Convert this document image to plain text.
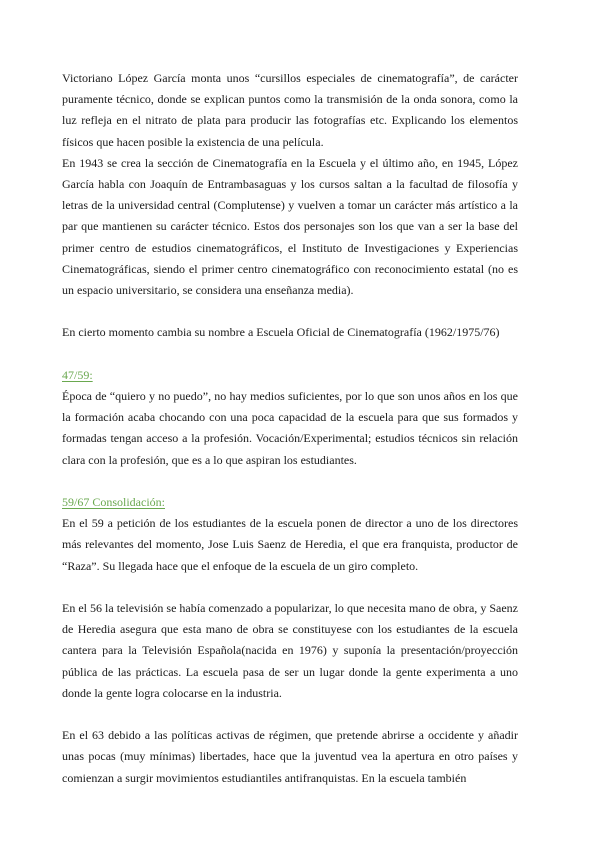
Victoriano López García monta unos “cursillos especiales de cinematografía”, de carácter puramente técnico, donde se explican puntos como la transmisión de la onda sonora, como la luz refleja en el nitrato de plata para producir las fotografías etc. Explicando los elementos físicos que hacen posible la existencia de una película.

En 1943 se crea la sección de Cinematografía en la Escuela y el último año, en 1945, López García habla con Joaquín de Entrambasaguas y los cursos saltan a la facultad de filosofía y letras de la universidad central (Complutense) y vuelven a tomar un carácter más artístico a la par que mantienen su carácter técnico. Estos dos personajes son los que van a ser la base del primer centro de estudios cinematográficos, el Instituto de Investigaciones y Experiencias Cinematográficas, siendo el primer centro cinematográfico con reconocimiento estatal (no es un espacio universitario, se considera una enseñanza media).

En cierto momento cambia su nombre a Escuela Oficial de Cinematografía (1962/1975/76)

47/59:

Época de “quiero y no puedo”, no hay medios suficientes, por lo que son unos años en los que la formación acaba chocando con una poca capacidad de la escuela para que sus formados y formadas tengan acceso a la profesión. Vocación/Experimental; estudios técnicos sin relación clara con la profesión, que es a lo que aspiran los estudiantes.

59/67 Consolidación:

En el 59 a petición de los estudiantes de la escuela ponen de director a uno de los directores más relevantes del momento, Jose Luis Saenz de Heredia, el que era franquista, productor de “Raza”. Su llegada hace que el enfoque de la escuela de un giro completo.

En el 56 la televisión se había comenzado a popularizar, lo que necesita mano de obra, y Saenz de Heredia asegura que esta mano de obra se constituyese con los estudiantes de la escuela cantera para la Televisión Española(nacida en 1976) y suponía la presentación/proyección pública de las prácticas. La escuela pasa de ser un lugar donde la gente experimenta a uno donde la gente logra colocarse en la industria.

En el 63 debido a las políticas activas de régimen, que pretende abrirse a occidente y añadir unas pocas (muy mínimas) libertades, hace que la juventud vea la apertura en otro países y comienzan a surgir movimientos estudiantiles antifranquistas. En la escuela también
